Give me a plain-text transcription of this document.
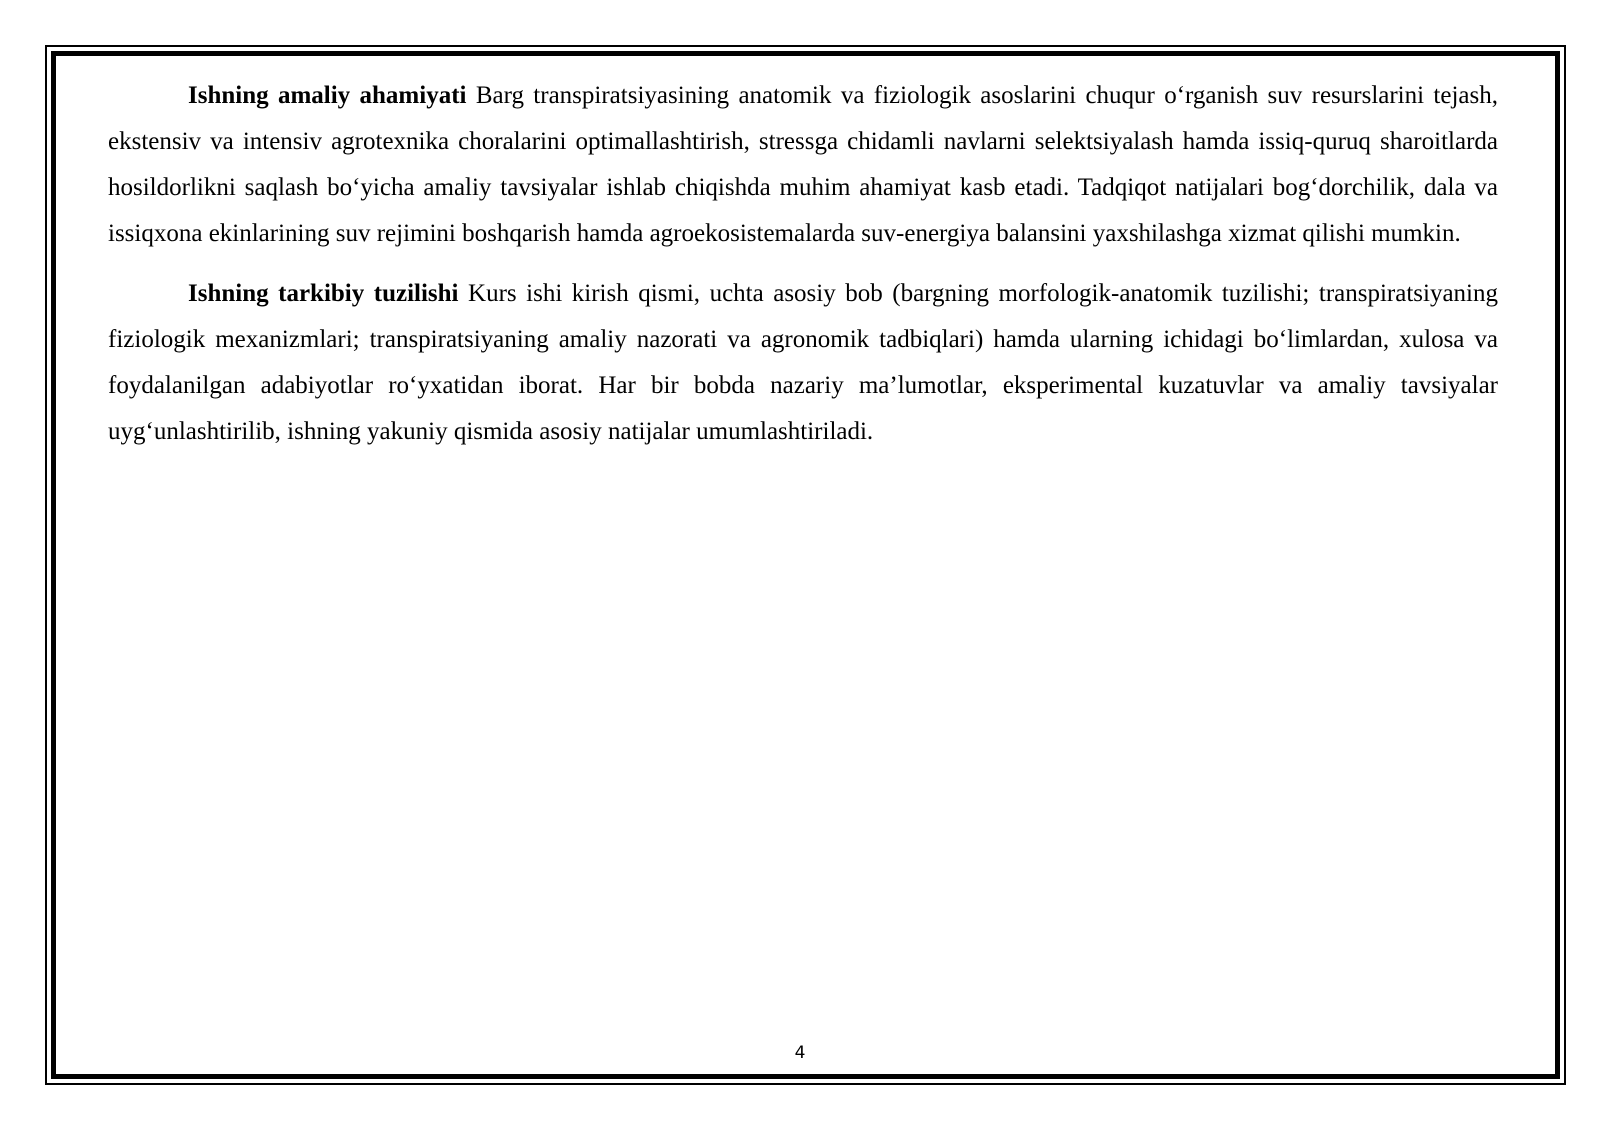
Ishning amaliy ahamiyati Barg transpiratsiyasining anatomik va fiziologik asoslarini chuqur o‘rganish suv resurslarini tejash, ekstensiv va intensiv agrotexnika choralarini optimallashtirish, stressga chidamli navlarni selektsiyalash hamda issiq-quruq sharoitlarda hosildorlikni saqlash bo‘yicha amaliy tavsiyalar ishlab chiqishda muhim ahamiyat kasb etadi. Tadqiqot natijalari bog‘dorchilik, dala va issiqxona ekinlarining suv rejimini boshqarish hamda agroekosistemalarda suv-energiya balansini yaxshilashga xizmat qilishi mumkin.

Ishning tarkibiy tuzilishi Kurs ishi kirish qismi, uchta asosiy bob (bargning morfologik-anatomik tuzilishi; transpiratsiyaning fiziologik mexanizmlari; transpiratsiyaning amaliy nazorati va agronomik tadbiqlari) hamda ularning ichidagi bo‘limlardan, xulosa va foydalanilgan adabiyotlar ro‘yxatidan iborat. Har bir bobda nazariy ma’lumotlar, eksperimental kuzatuvlar va amaliy tavsiyalar uyg‘unlashtirilib, ishning yakuniy qismida asosiy natijalar umumlashtiriladi.

4
